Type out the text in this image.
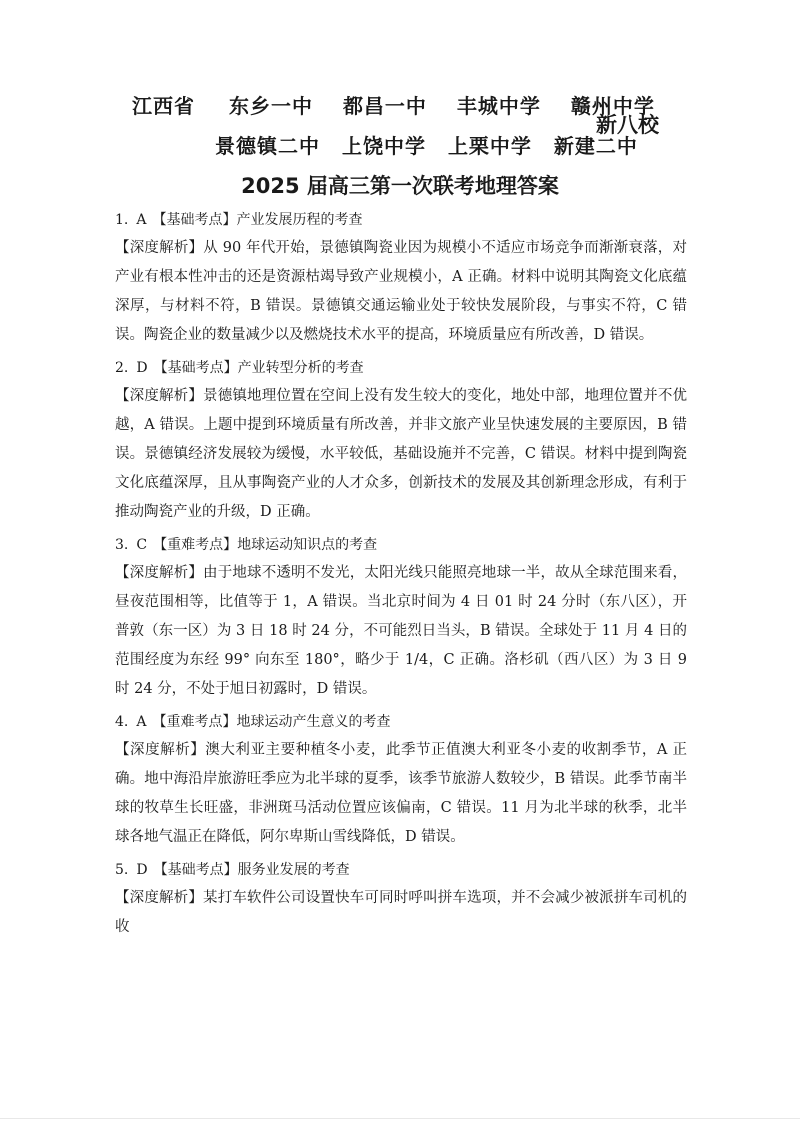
江西省 东乡一中 都昌一中 丰城中学 赣州中学
景德镇二中 上饶中学 上栗中学 新建二中
新八校
2025 届高三第一次联考地理答案
1. A 【基础考点】产业发展历程的考查

【深度解析】从 90 年代开始，景德镇陶瓷业因为规模小不适应市场竞争而渐渐衰落，对产业有根本性冲击的还是资源枯竭导致产业规模小，A 正确。材料中说明其陶瓷文化底蕴深厚，与材料不符，B 错误。景德镇交通运输业处于较快发展阶段，与事实不符，C 错误。陶瓷企业的数量减少以及燃烧技术水平的提高，环境质量应有所改善，D 错误。

2. D 【基础考点】产业转型分析的考查

【深度解析】景德镇地理位置在空间上没有发生较大的变化，地处中部，地理位置并不优越，A 错误。上题中提到环境质量有所改善，并非文旅产业呈快速发展的主要原因，B 错误。景德镇经济发展较为缓慢，水平较低，基础设施并不完善，C 错误。材料中提到陶瓷文化底蕴深厚，且从事陶瓷产业的人才众多，创新技术的发展及其创新理念形成，有利于推动陶瓷产业的升级，D 正确。

3. C 【重难考点】地球运动知识点的考查

【深度解析】由于地球不透明不发光，太阳光线只能照亮地球一半，故从全球范围来看，昼夜范围相等，比值等于 1，A 错误。当北京时间为 4 日 01 时 24 分时（东八区），开普敦（东一区）为 3 日 18 时 24 分，不可能烈日当头，B 错误。全球处于 11 月 4 日的范围经度为东经 99° 向东至 180°，略少于 1/4，C 正确。洛杉矶（西八区）为 3 日 9 时 24 分，不处于旭日初露时，D 错误。

4. A 【重难考点】地球运动产生意义的考查

【深度解析】澳大利亚主要种植冬小麦，此季节正值澳大利亚冬小麦的收割季节，A 正确。地中海沿岸旅游旺季应为北半球的夏季，该季节旅游人数较少，B 错误。此季节南半球的牧草生长旺盛，非洲斑马活动位置应该偏南，C 错误。11 月为北半球的秋季，北半球各地气温正在降低，阿尔卑斯山雪线降低，D 错误。

5. D 【基础考点】服务业发展的考查

【深度解析】某打车软件公司设置快车可同时呼叫拼车选项，并不会减少被派拼车司机的收
